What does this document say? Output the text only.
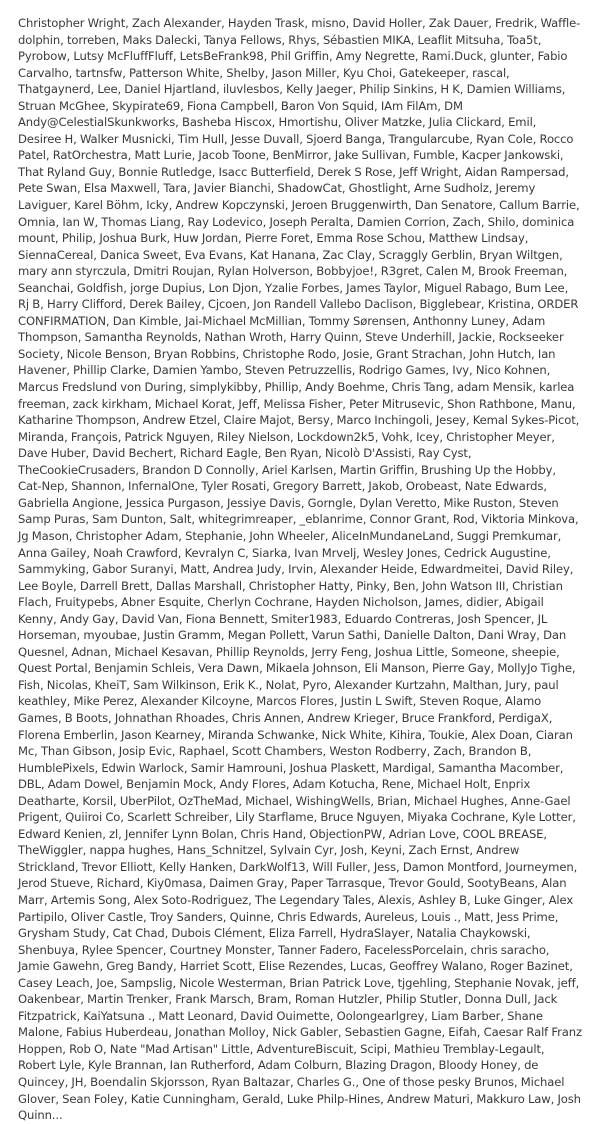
Christopher Wright, Zach Alexander, Hayden Trask, misno, David Holler, Zak Dauer, Fredrik, Waffle-dolphin, torreben, Maks Dalecki, Tanya Fellows, Rhys, Sébastien MIKA, Leaflit Mitsuha, Toa5t, Pyrobow, Lutsy McFluffFluff, LetsBeFrank98, Phil Griffin, Amy Negrette, Rami.Duck, glunter, Fabio Carvalho, tartnsfw, Patterson White, Shelby, Jason Miller, Kyu Choi, Gatekeeper, rascal, Thatgaynerd, Lee, Daniel Hjartland, iluvlesbos, Kelly Jaeger, Philip Sinkins, H K, Damien Williams, Struan McGhee, Skypirate69, Fiona Campbell, Baron Von Squid, IAm FilAm, DM Andy@CelestialSkunkworks, Basheba Hiscox, Hmortishu, Oliver Matzke, Julia Clickard, Emil, Desiree H, Walker Musnicki, Tim Hull, Jesse Duvall, Sjoerd Banga, Trangularcube, Ryan Cole, Rocco Patel, RatOrchestra, Matt Lurie, Jacob Toone, BenMirror, Jake Sullivan, Fumble, Kacper Jankowski, That Ryland Guy, Bonnie Rutledge, Isacc Butterfield, Derek S Rose, Jeff Wright, Aidan Rampersad, Pete Swan, Elsa Maxwell, Tara, Javier Bianchi, ShadowCat, Ghostlight, Arne Sudholz, Jeremy Laviguer, Karel Böhm, Icky, Andrew Kopczynski, Jeroen Bruggenwirth, Dan Senatore, Callum Barrie, Omnia, Ian W, Thomas Liang, Ray Lodevico, Joseph Peralta, Damien Corrion, Zach, Shilo, dominica mount, Philip, Joshua Burk, Huw Jordan, Pierre Foret, Emma Rose Schou, Matthew Lindsay, SiennaCereal, Danica Sweet, Eva Evans, Kat Hanana, Zac Clay, Scraggly Gerblin, Bryan Wiltgen, mary ann styrczula, Dmitri Roujan, Rylan Holverson, Bobbyjoe!, R3gret, Calen M, Brook Freeman, Seanchai, Goldfish, jorge Dupius, Lon Djon, Yzalie Forbes, James Taylor, Miguel Rabago, Bum Lee, Rj B, Harry Clifford, Derek Bailey, Cjcoen, Jon Randell Vallebo Daclison, Bigglebear, Kristina, ORDER CONFIRMATION, Dan Kimble, Jai-Michael McMillian, Tommy Sørensen, Anthonny Luney, Adam Thompson, Samantha Reynolds, Nathan Wroth, Harry Quinn, Steve Underhill, Jackie, Rockseeker Society, Nicole Benson, Bryan Robbins, Christophe Rodo, Josie, Grant Strachan, John Hutch, Ian Havener, Phillip Clarke, Damien Yambo, Steven Petruzzellis, Rodrigo Games, Ivy, Nico Kohnen, Marcus Fredslund von During, simplykibby, Phillip, Andy Boehme, Chris Tang, adam Mensik, karlea freeman, zack kirkham, Michael Korat, Jeff, Melissa Fisher, Peter Mitrusevic, Shon Rathbone, Manu, Katharine Thompson, Andrew Etzel, Claire Majot, Bersy, Marco Inchingoli, Jesey, Kemal Sykes-Picot, Miranda, François, Patrick Nguyen, Riley Nielson, Lockdown2k5, Vohk, Icey, Christopher Meyer, Dave Huber, David Bechert, Richard Eagle, Ben Ryan, Nicolò D'Assisti, Ray Cyst, TheCookieCrusaders, Brandon D Connolly, Ariel Karlsen, Martin Griffin, Brushing Up the Hobby, Cat-Nep, Shannon, InfernalOne, Tyler Rosati, Gregory Barrett, Jakob, Orobeast, Nate Edwards, Gabriella Angione, Jessica Purgason, Jessiye Davis, Gorngle, Dylan Veretto, Mike Ruston, Steven Samp Puras, Sam Dunton, Salt, whitegrimreaper, _eblanrime, Connor Grant, Rod, Viktoria Minkova, Jg Mason, Christopher Adam, Stephanie, John Wheeler, AliceInMundaneLand, Suggi Premkumar, Anna Gailey, Noah Crawford, Kevralyn C, Siarka, Ivan Mrvelj, Wesley Jones, Cedrick Augustine, Sammyking, Gabor Suranyi, Matt, Andrea Judy, Irvin, Alexander Heide, Edwardmeitei, David Riley, Lee Boyle, Darrell Brett, Dallas Marshall, Christopher Hatty, Pinky, Ben, John Watson III, Christian Flach, Fruitypebs, Abner Esquite, Cherlyn Cochrane, Hayden Nicholson, James, didier, Abigail Kenny, Andy Gay, David Van, Fiona Bennett, Smiter1983, Eduardo Contreras, Josh Spencer, JL Horseman, myoubae, Justin Gramm, Megan Pollett, Varun Sathi, Danielle Dalton, Dani Wray, Dan Quesnel, Adnan, Michael Kesavan, Phillip Reynolds, Jerry Feng, Joshua Little, Someone, sheepie, Quest Portal, Benjamin Schleis, Vera Dawn, Mikaela Johnson, Eli Manson, Pierre Gay, MollyJo Tighe, Fish, Nicolas, KheiT, Sam Wilkinson, Erik K., Nolat, Pyro, Alexander Kurtzahn, Malthan, Jury, paul keathley, Mike Perez, Alexander Kilcoyne, Marcos Flores, Justin L Swift, Steven Roque, Alamo Games, B Boots, Johnathan Rhoades, Chris Annen, Andrew Krieger, Bruce Frankford, PerdigaX, Florena Emberlin, Jason Kearney, Miranda Schwanke, Nick White, Kihira, Toukie, Alex Doan, Ciaran Mc, Than Gibson, Josip Evic, Raphael, Scott Chambers, Weston Rodberry, Zach, Brandon B, HumblePixels, Edwin Warlock, Samir Hamrouni, Joshua Plaskett, Mardigal, Samantha Macomber, DBL, Adam Dowel, Benjamin Mock, Andy Flores, Adam Kotucha, Rene, Michael Holt, Enprix Deatharte, Korsil, UberPilot, OzTheMad, Michael, WishingWells, Brian, Michael Hughes, Anne-Gael Prigent, Quiiroi Co, Scarlett Schreiber, Lily Starflame, Bruce Nguyen, Miyaka Cochrane, Kyle Lotter, Edward Kenien, zl, Jennifer Lynn Bolan, Chris Hand, ObjectionPW, Adrian Love, COOL BREASE, TheWiggler, nappa hughes, Hans_Schnitzel, Sylvain Cyr, Josh, Keyni, Zach Ernst, Andrew Strickland, Trevor Elliott, Kelly Hanken, DarkWolf13, Will Fuller, Jess, Damon Montford, Journeymen, Jerod Stueve, Richard, Kiy0masa, Daimen Gray, Paper Tarrasque, Trevor Gould, SootyBeans, Alan Marr, Artemis Song, Alex Soto-Rodriguez, The Legendary Tales, Alexis, Ashley B, Luke Ginger, Alex Partipilo, Oliver Castle, Troy Sanders, Quinne, Chris Edwards, Aureleus, Louis ., Matt, Jess Prime, Grysham Study, Cat Chad, Dubois Clément, Eliza Farrell, HydraSlayer, Natalia Chaykowski, Shenbuya, Rylee Spencer, Courtney Monster, Tanner Fadero, FacelessPorcelain, chris saracho, Jamie Gawehn, Greg Bandy, Harriet Scott, Elise Rezendes, Lucas, Geoffrey Walano, Roger Bazinet, Casey Leach, Joe, Sampslig, Nicole Westerman, Brian Patrick Love, tjgehling, Stephanie Novak, jeff, Oakenbear, Martin Trenker, Frank Marsch, Bram, Roman Hutzler, Philip Stutler, Donna Dull, Jack Fitzpatrick, KaiYatsuna ., Matt Leonard, David Ouimette, Oolongearlgrey, Liam Barber, Shane Malone, Fabius Huberdeau, Jonathan Molloy, Nick Gabler, Sebastien Gagne, Eifah, Caesar Ralf Franz Hoppen, Rob O, Nate "Mad Artisan" Little, AdventureBiscuit, Scipi, Mathieu Tremblay-Legault, Robert Lyle, Kyle Brannan, Ian Rutherford, Adam Colburn, Blazing Dragon, Bloody Honey, de Quincey, JH, Boendalin Skjorsson, Ryan Baltazar, Charles G., One of those pesky Brunos, Michael Glover, Sean Foley, Katie Cunningham, Gerald, Luke Philp-Hines, Andrew Maturi, Makkuro Law, Josh Quinn...
